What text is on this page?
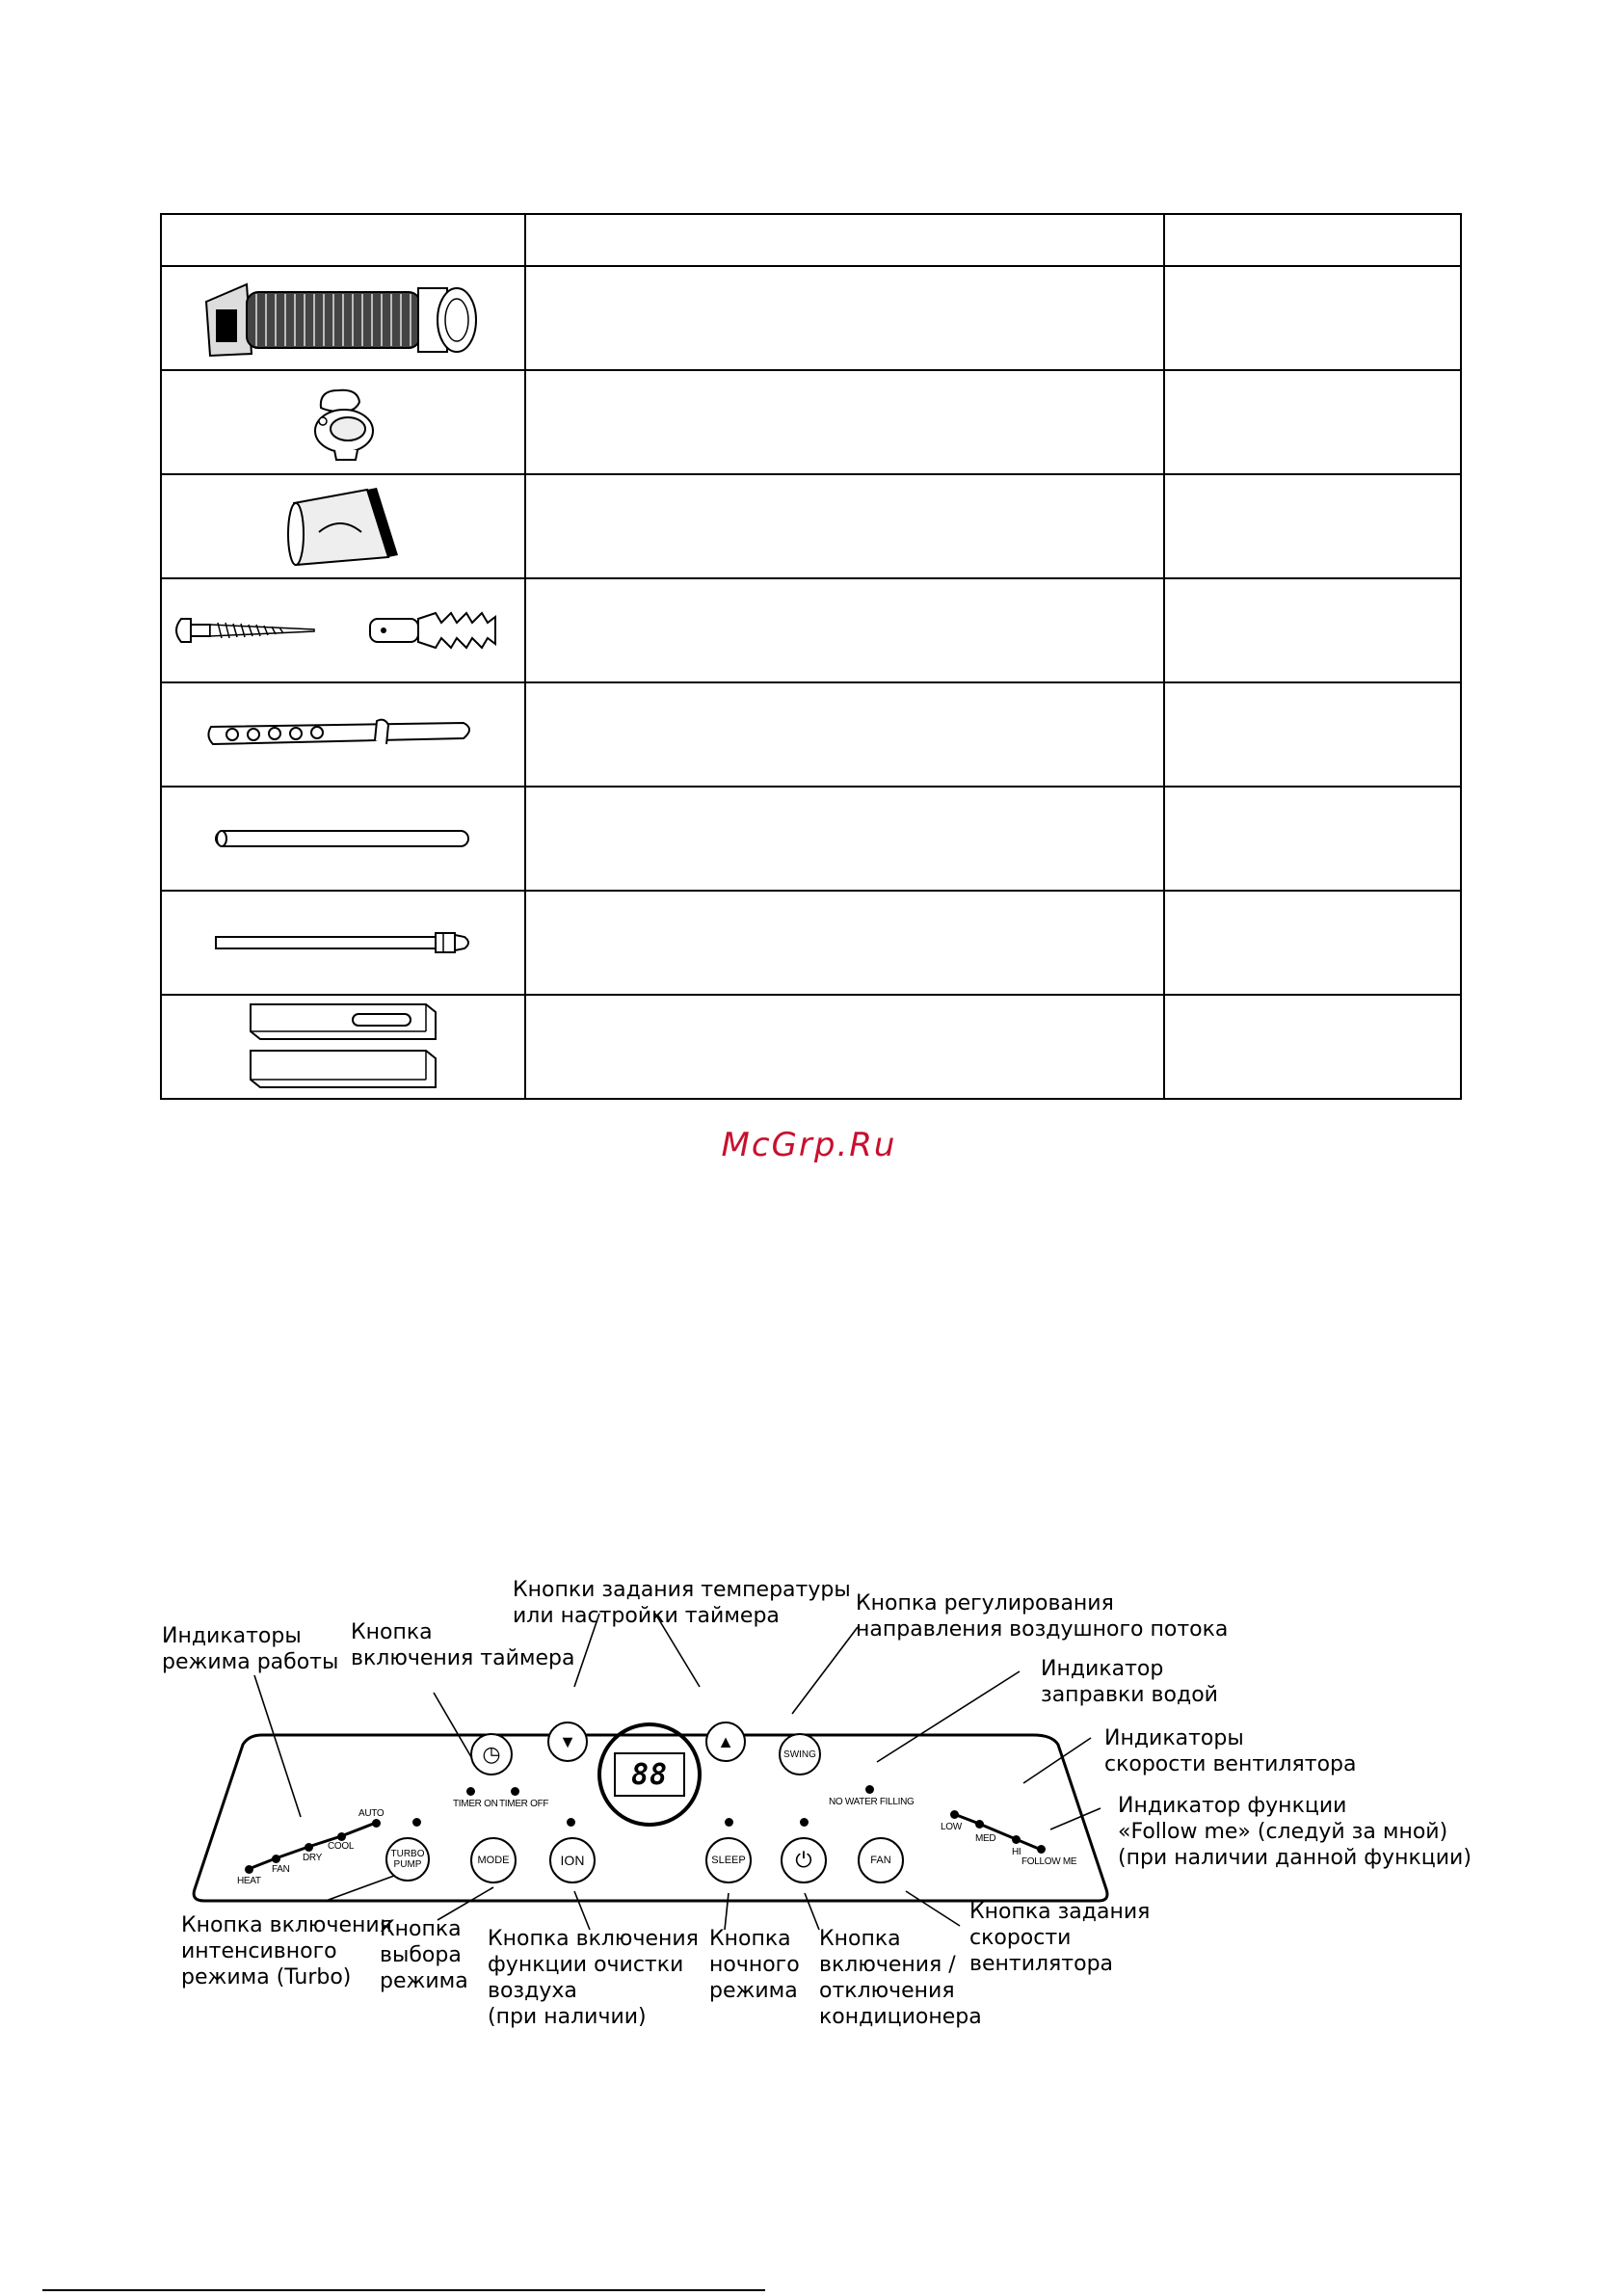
McGrp.Ru
88
▼	▲
◷	SWING
TURBO
PUMP	MODE	ION	SLEEP ⏻	FAN
TIMER ON TIMER OFF	NO WATER FILLING
HEAT
FAN
DRY
COOL
AUTO
LOW
MED
HI
FOLLOW ME
Индикаторы
режима работы
Кнопка
включения таймера
Кнопки задания температуры
или настройки таймера
Кнопка регулирования
направления воздушного потока
Индикатор
заправки водой
Индикаторы
скорости вентилятора
Индикатор функции
«Follow me» (следуй за мной)
(при наличии данной функции)
Кнопка включения
интенсивного
режима (Turbo)
Кнопка
выбора
режима
Кнопка включения
функции очистки
воздуха
(при наличии)
Кнопка
ночного
режима
Кнопка
включения /
отключения
кондиционера
Кнопка задания
скорости
вентилятора
